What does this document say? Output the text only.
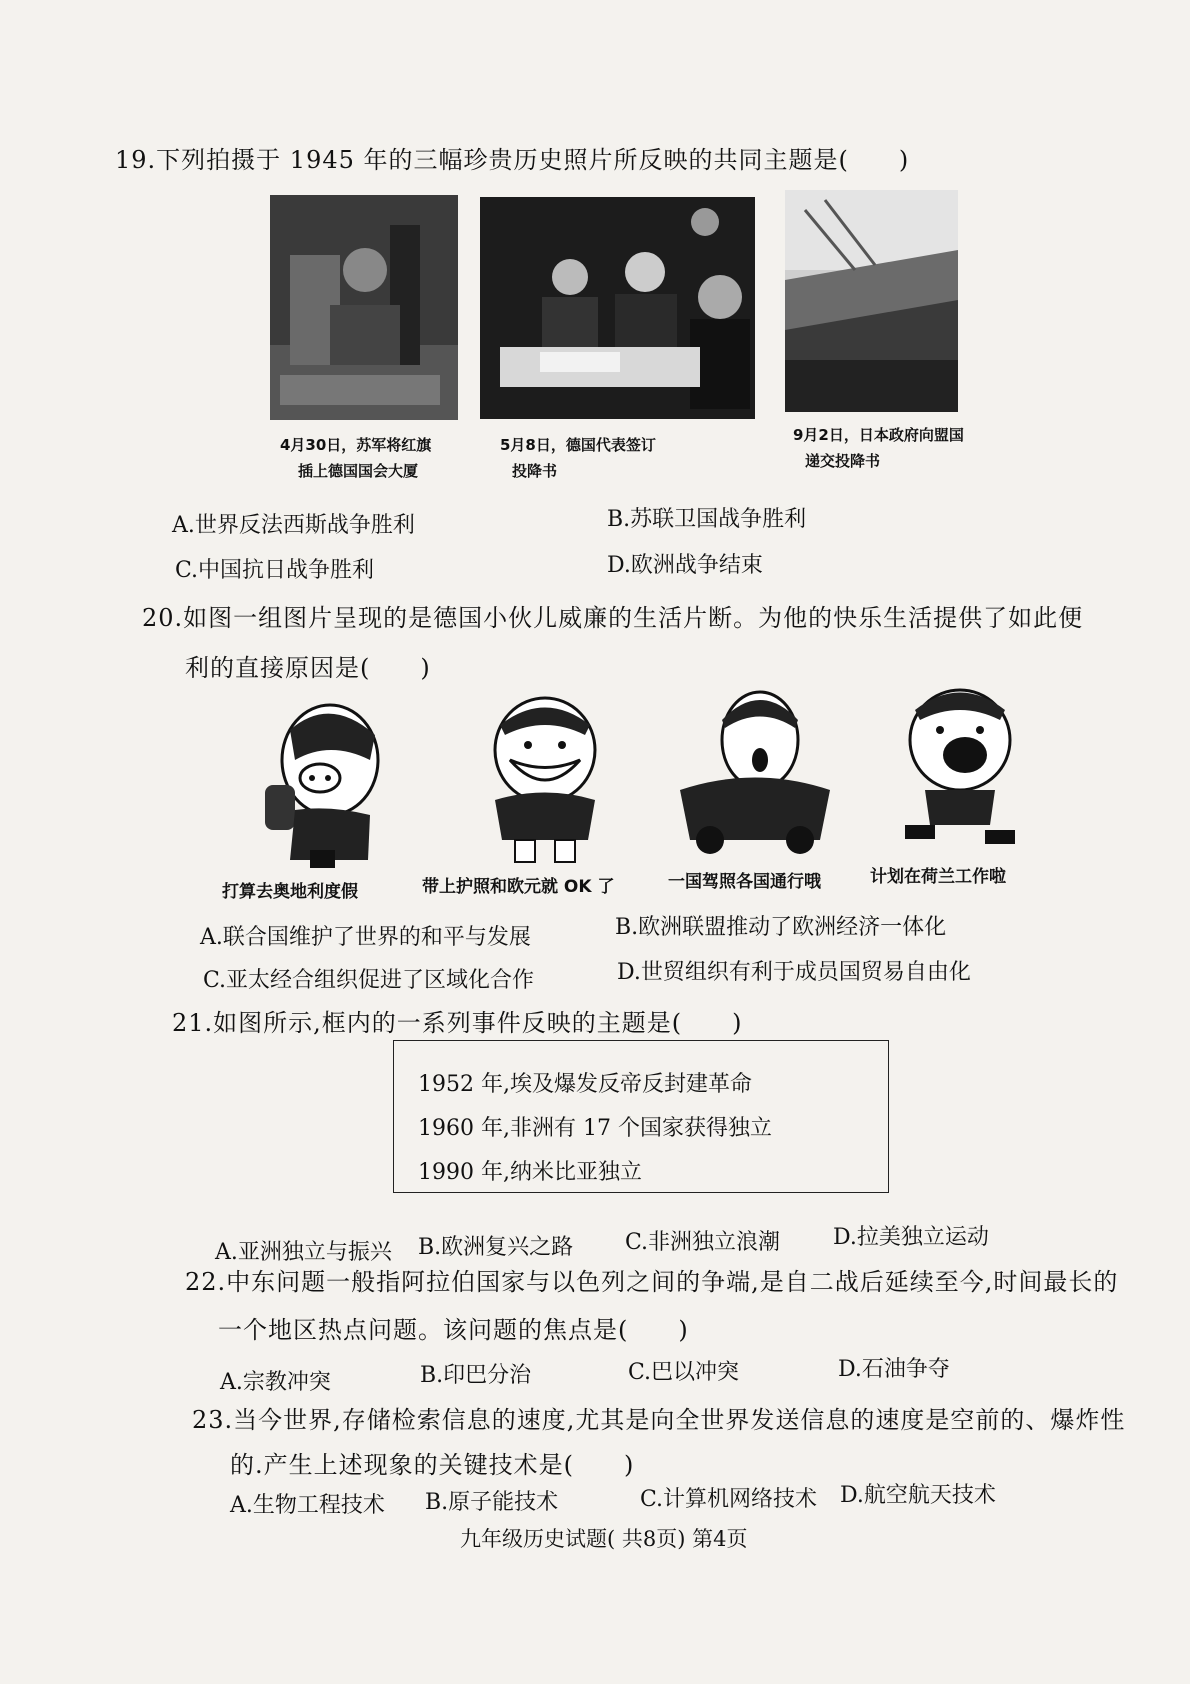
19.下列拍摄于 1945 年的三幅珍贵历史照片所反映的共同主题是(　　)
4月30日，苏军将红旗
插上德国国会大厦
5月8日，德国代表签订
投降书
9月2日，日本政府向盟国
递交投降书
A.世界反法西斯战争胜利	B.苏联卫国战争胜利
C.中国抗日战争胜利	D.欧洲战争结束
20.如图一组图片呈现的是德国小伙儿威廉的生活片断。为他的快乐生活提供了如此便
利的直接原因是(　　)
打算去奥地利度假	带上护照和欧元就 OK 了	一国驾照各国通行哦	计划在荷兰工作啦
A.联合国维护了世界的和平与发展	B.欧洲联盟推动了欧洲经济一体化
C.亚太经合组织促进了区域化合作	D.世贸组织有利于成员国贸易自由化
21.如图所示,框内的一系列事件反映的主题是(　　)
1952 年,埃及爆发反帝反封建革命
1960 年,非洲有 17 个国家获得独立
1990 年,纳米比亚独立
A.亚洲独立与振兴 B.欧洲复兴之路 C.非洲独立浪潮 D.拉美独立运动
22.中东问题一般指阿拉伯国家与以色列之间的争端,是自二战后延续至今,时间最长的
一个地区热点问题。该问题的焦点是(　　)
A.宗教冲突	B.印巴分治	C.巴以冲突	D.石油争夺
23.当今世界,存储检索信息的速度,尤其是向全世界发送信息的速度是空前的、爆炸性
的.产生上述现象的关键技术是(　　)
A.生物工程技术 B.原子能技术	C.计算机网络技术 D.航空航天技术
九年级历史试题( 共8页) 第4页
